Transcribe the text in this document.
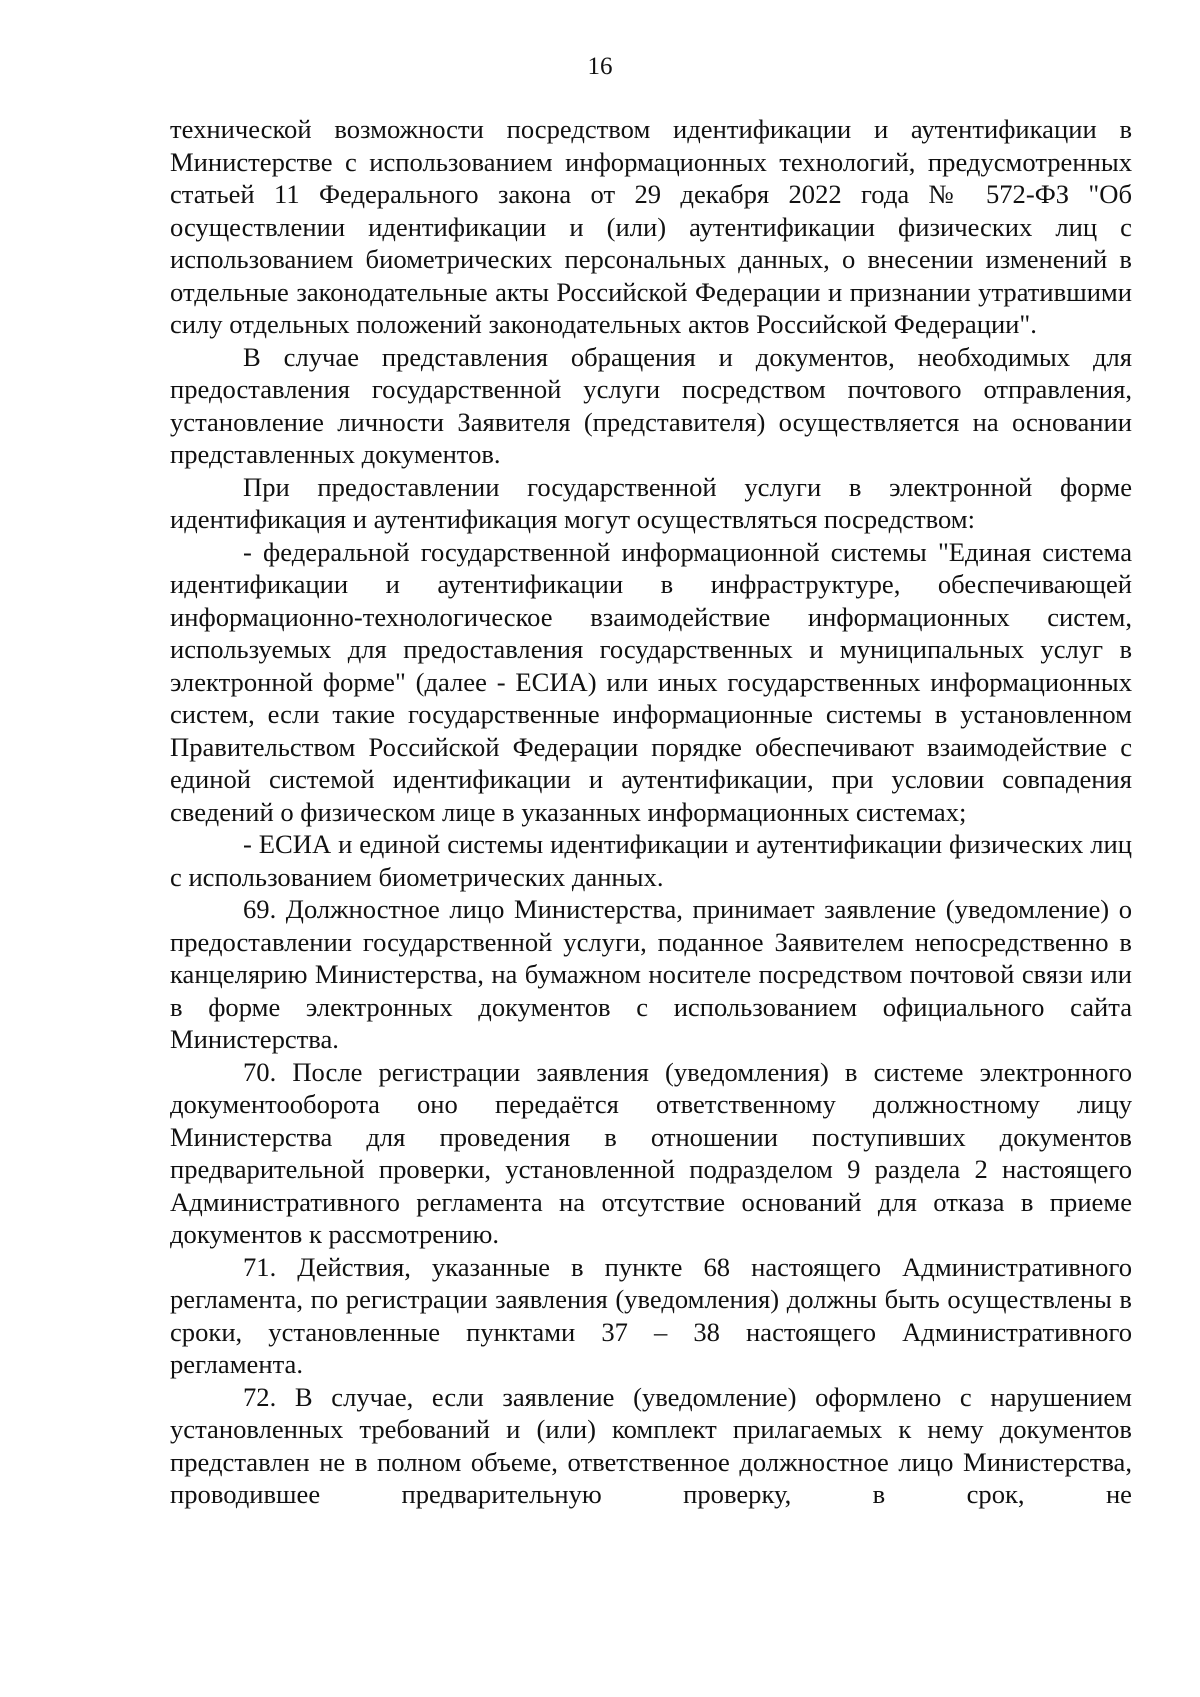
16

технической возможности посредством идентификации и аутентификации в Министерстве с использованием информационных технологий, предусмотренных статьей 11 Федерального закона от 29 декабря 2022 года № 572-ФЗ "Об осуществлении идентификации и (или) аутентификации физических лиц с использованием биометрических персональных данных, о внесении изменений в отдельные законодательные акты Российской Федерации и признании утратившими силу отдельных положений законодательных актов Российской Федерации".

В случае представления обращения и документов, необходимых для предоставления государственной услуги посредством почтового отправления, установление личности Заявителя (представителя) осуществляется на основании представленных документов.

При предоставлении государственной услуги в электронной форме идентификация и аутентификация могут осуществляться посредством:

- федеральной государственной информационной системы "Единая система идентификации и аутентификации в инфраструктуре, обеспечивающей информационно-технологическое взаимодействие информационных систем, используемых для предоставления государственных и муниципальных услуг в электронной форме" (далее - ЕСИА) или иных государственных информационных систем, если такие государственные информационные системы в установленном Правительством Российской Федерации порядке обеспечивают взаимодействие с единой системой идентификации и аутентификации, при условии совпадения сведений о физическом лице в указанных информационных системах;

- ЕСИА и единой системы идентификации и аутентификации физических лиц с использованием биометрических данных.

69. Должностное лицо Министерства, принимает заявление (уведомление) о предоставлении государственной услуги, поданное Заявителем непосредственно в канцелярию Министерства, на бумажном носителе посредством почтовой связи или в форме электронных документов с использованием официального сайта Министерства.

70. После регистрации заявления (уведомления) в системе электронного документооборота оно передаётся ответственному должностному лицу Министерства для проведения в отношении поступивших документов предварительной проверки, установленной подразделом 9 раздела 2 настоящего Административного регламента на отсутствие оснований для отказа в приеме документов к рассмотрению.

71. Действия, указанные в пункте 68 настоящего Административного регламента, по регистрации заявления (уведомления) должны быть осуществлены в сроки, установленные пунктами 37 – 38 настоящего Административного регламента.

72. В случае, если заявление (уведомление) оформлено с нарушением установленных требований и (или) комплект прилагаемых к нему документов представлен не в полном объеме, ответственное должностное лицо Министерства, проводившее предварительную проверку, в срок, не
